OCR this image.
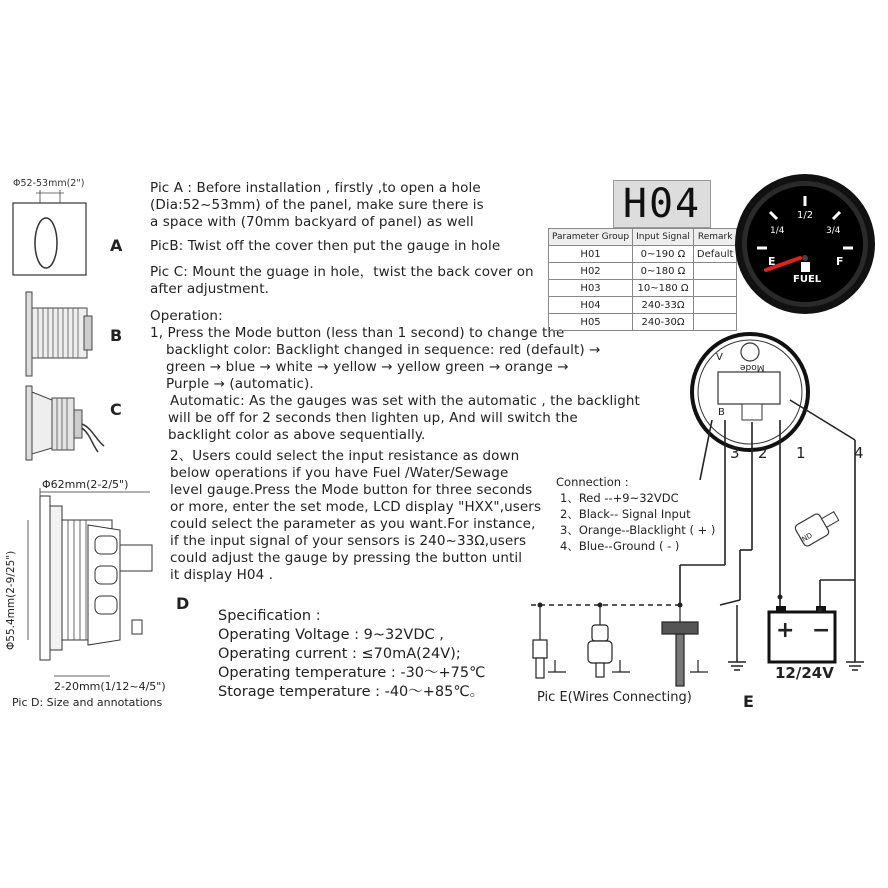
Φ52-53mm(2")
A
B
C
Φ62mm(2-2/5")
Φ55.4mm(2-9/25")	D
2-20mm(1/12~4/5")
Pic D: Size and annotations
Pic A : Before installation , firstly ,to open a hole
(Dia:52~53mm) of the panel, make sure there is
a space with (70mm backyard of panel) as well
PicB: Twist off the cover then put the gauge in hole
Pic C: Mount the guage in hole，twist the back cover on
after adjustment.
Operation:
1, Press the Mode button (less than 1 second) to change the
backlight color: Backlight changed in sequence: red (default) →
green → blue → white → yellow → yellow green → orange →
Purple → (automatic).
Automatic: As the gauges was set with the automatic , the backlight
will be off for 2 seconds then lighten up, And will switch the
backlight color as above sequentially.
2、Users could select the input resistance as down
below operations if you have Fuel /Water/Sewage
level gauge.Press the Mode button for three seconds
or more, enter the set mode, LCD display "HXX",users
could select the parameter as you want.For instance,
if the input signal of your sensors is 240~33Ω,users
could adjust the gauge by pressing the button until
it display H04 .
H04
Parameter Group	Input Signal	Remark
H01	0~190 Ω	Default
H02	0~180 Ω	
H03	10~180 Ω	
H04	240-33Ω	
H05	240-30Ω	
1/2
1/4	3/4
E	F
FUEL
Mode
V
B
3 2 1	4
IND
Connection :
1、Red --+9~32VDC
2、Black-- Signal Input
3、Orange--Blacklight ( + )
4、Blue--Ground ( - )
+ −
12/24V
Pic E(Wires Connecting)	E
Specification :
Operating Voltage : 9~32VDC ,
Operating current : ≤70mA(24V);
Operating temperature : -30～+75℃
Storage temperature : -40～+85℃。
